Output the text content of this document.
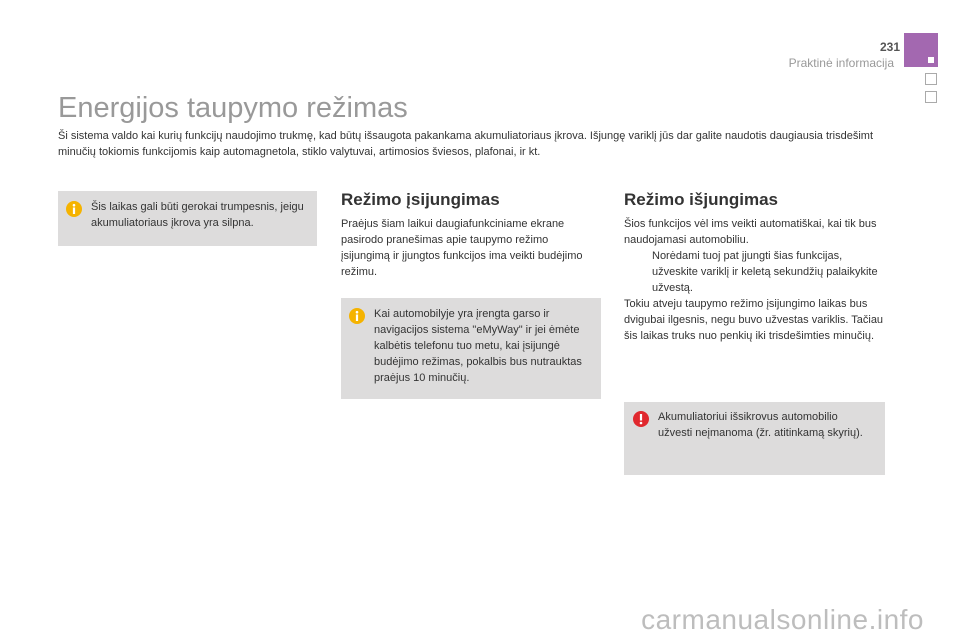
231
Praktinė informacija
Energijos taupymo režimas

Ši sistema valdo kai kurių funkcijų naudojimo trukmę, kad būtų išsaugota pakankama akumuliatoriaus įkrova. Išjungę variklį jūs dar galite naudotis daugiausia trisdešimt minučių tokiomis funkcijomis kaip automagnetola, stiklo valytuvai, artimosios šviesos, plafonai, ir kt.

Šis laikas gali būti gerokai trumpesnis, jeigu akumuliatoriaus įkrova yra silpna.
Režimo įsijungimas

Praėjus šiam laikui daugiafunkciniame ekrane pasirodo pranešimas apie taupymo režimo įsijungimą ir įjungtos funkcijos ima veikti budėjimo režimu.

Kai automobilyje yra įrengta garso ir navigacijos sistema "eMyWay" ir jei ėmėte kalbėtis telefonu tuo metu, kai įsijungė budėjimo režimas, pokalbis bus nutrauktas praėjus 10 minučių.
Režimo išjungimas
Šios funkcijos vėl ims veikti automatiškai, kai tik bus naudojamasi automobiliu.
Norėdami tuoj pat įjungti šias funkcijas, užveskite variklį ir keletą sekundžių palaikykite užvestą.
Tokiu atveju taupymo režimo įsijungimo laikas bus dvigubai ilgesnis, negu buvo užvestas variklis. Tačiau šis laikas truks nuo penkių iki trisdešimties minučių.
Akumuliatoriui išsikrovus automobilio užvesti neįmanoma (žr. atitinkamą skyrių).
carmanualsonline.info
